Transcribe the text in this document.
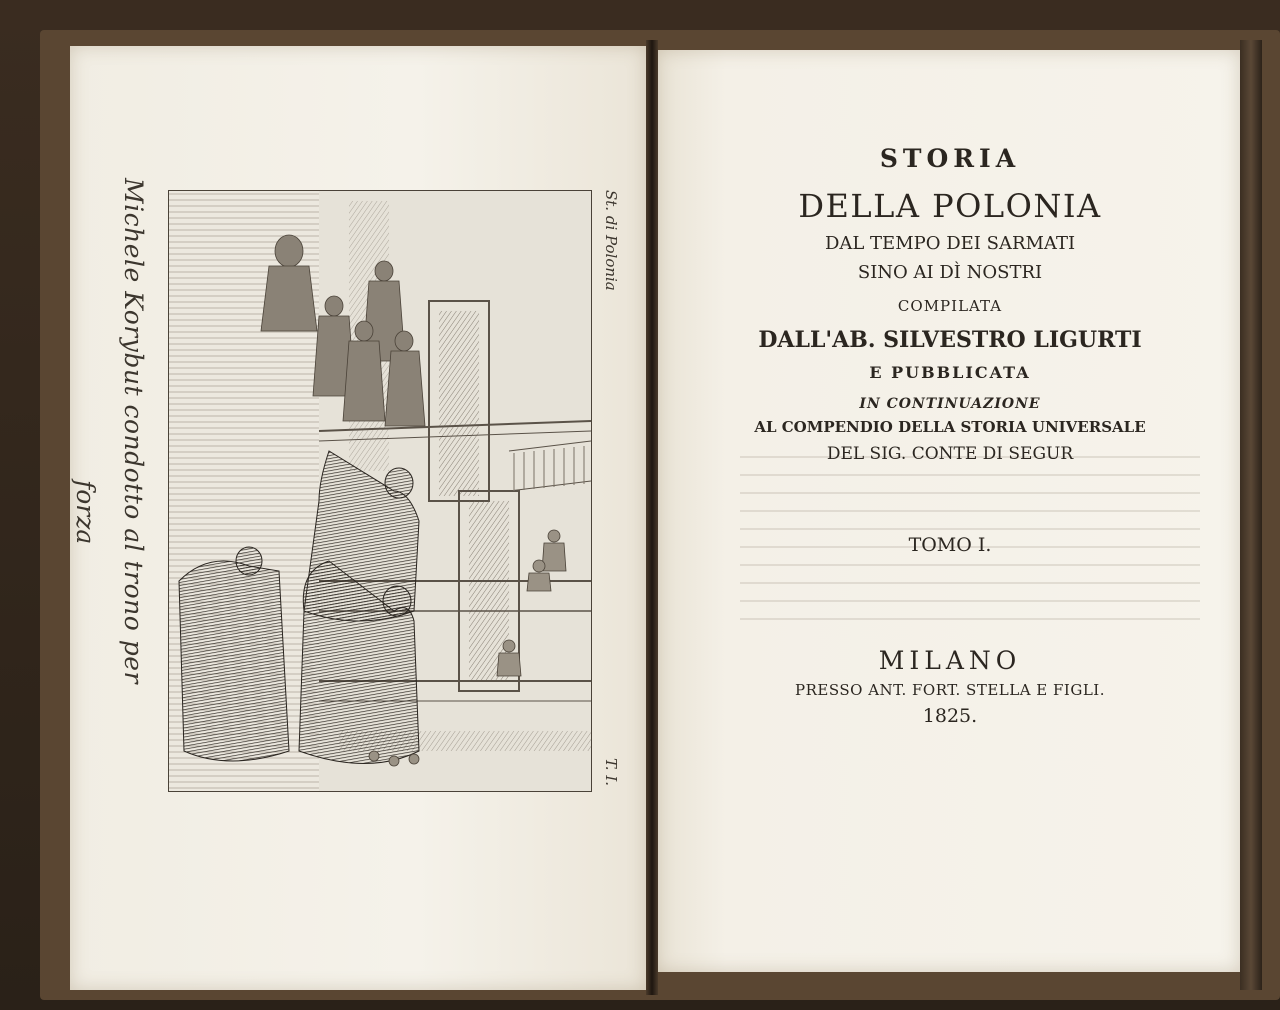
Michele Korybut condotto al trono per
forza
St. di Polonia
T. I.
STORIA
DELLA POLONIA
DAL TEMPO DEI SARMATI
SINO AI DÌ NOSTRI
COMPILATA
DALL'AB. SILVESTRO LIGURTI
E PUBBLICATA
IN CONTINUAZIONE
AL COMPENDIO DELLA STORIA UNIVERSALE
DEL SIG. CONTE DI SEGUR
TOMO I.
MILANO
PRESSO ANT. FORT. STELLA E FIGLI.
1825.
